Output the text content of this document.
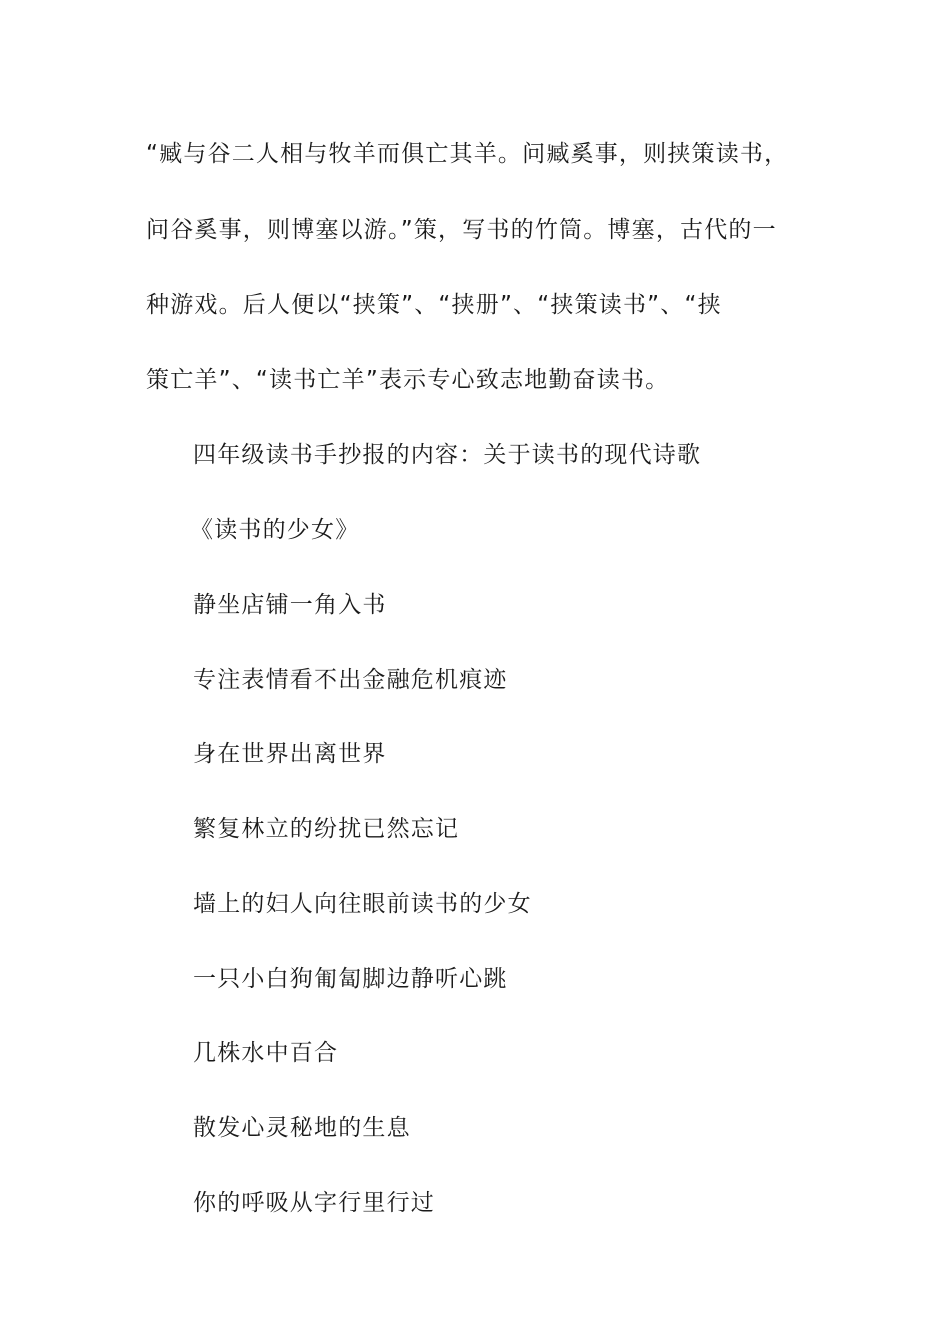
“臧与谷二人相与牧羊而俱亡其羊。问臧奚事，则挟策读书，
问谷奚事，则博塞以游。”策，写书的竹筒。博塞，古代的一
种游戏。后人便以“挟策”、“挟册”、“挟策读书”、“挟
策亡羊”、“读书亡羊”表示专心致志地勤奋读书。
四年级读书手抄报的内容：关于读书的现代诗歌
《读书的少女》
静坐店铺一角入书
专注表情看不出金融危机痕迹
身在世界出离世界
繁复林立的纷扰已然忘记
墙上的妇人向往眼前读书的少女
一只小白狗匍匐脚边静听心跳
几株水中百合
散发心灵秘地的生息
你的呼吸从字行里行过
